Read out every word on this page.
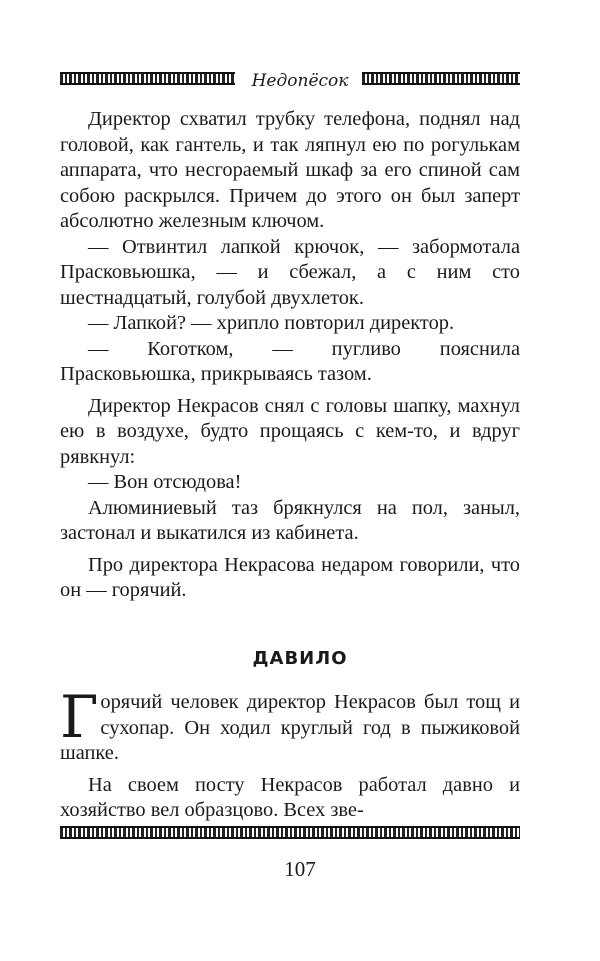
Недопёсок

Директор схватил трубку телефона, поднял над головой, как гантель, и так ляпнул ею по рогулькам аппарата, что несгораемый шкаф за его спиной сам собою раскрылся. Причем до этого он был заперт абсолютно железным ключом.

— Отвинтил лапкой крючок, — забормотала Прасковьюшка, — и сбежал, а с ним сто шестнадцатый, голубой двухлеток.

— Лапкой? — хрипло повторил директор.

— Коготком, — пугливо пояснила Прасковьюшка, прикрываясь тазом.

Директор Некрасов снял с головы шапку, махнул ею в воздухе, будто прощаясь с кем-то, и вдруг рявкнул:

— Вон отсюдова!

Алюминиевый таз брякнулся на пол, заныл, застонал и выкатился из кабинета.

Про директора Некрасова недаром говорили, что он — горячий.

ДАВИЛО

Горячий человек директор Некрасов был тощ и сухопар. Он ходил круглый год в пыжиковой шапке.

На своем посту Некрасов работал давно и хозяйство вел образцово. Всех зве-

107
